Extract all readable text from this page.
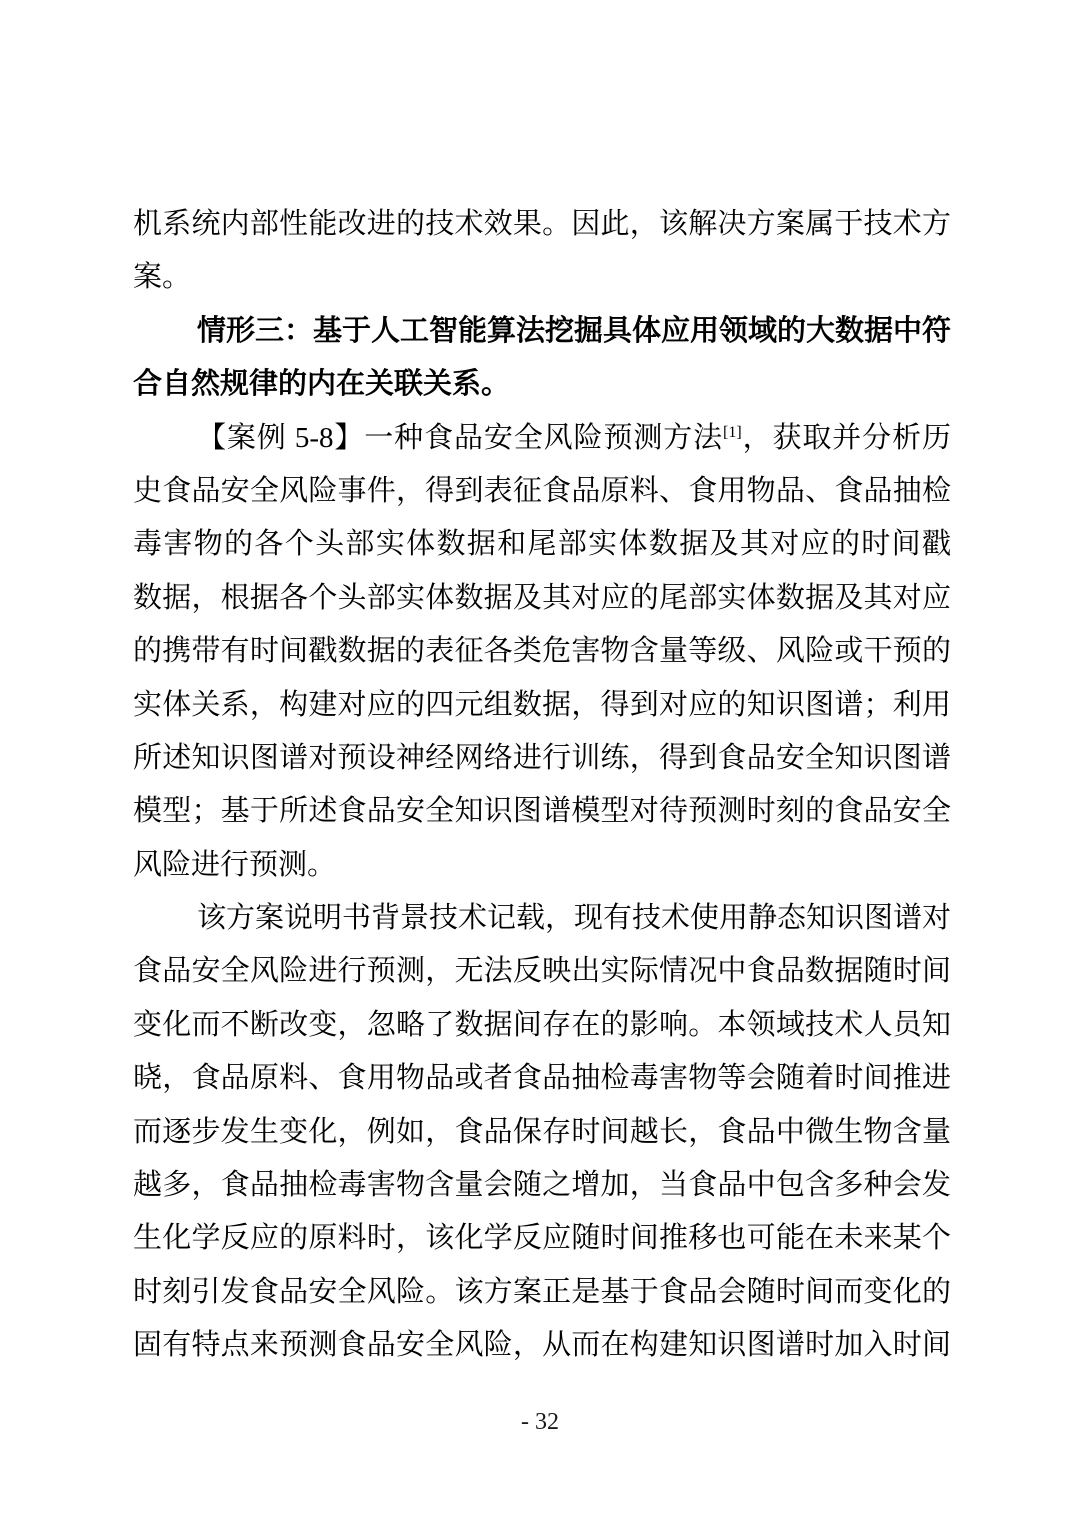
机系统内部性能改进的技术效果。因此，该解决方案属于技术方
案。
情形三：基于人工智能算法挖掘具体应用领域的大数据中符
合自然规律的内在关联关系。
【案例 5-8】一种食品安全风险预测方法[1]，获取并分析历
史食品安全风险事件，得到表征食品原料、食用物品、食品抽检
毒害物的各个头部实体数据和尾部实体数据及其对应的时间戳
数据，根据各个头部实体数据及其对应的尾部实体数据及其对应
的携带有时间戳数据的表征各类危害物含量等级、风险或干预的
实体关系，构建对应的四元组数据，得到对应的知识图谱；利用
所述知识图谱对预设神经网络进行训练，得到食品安全知识图谱
模型；基于所述食品安全知识图谱模型对待预测时刻的食品安全
风险进行预测。
该方案说明书背景技术记载，现有技术使用静态知识图谱对
食品安全风险进行预测，无法反映出实际情况中食品数据随时间
变化而不断改变，忽略了数据间存在的影响。本领域技术人员知
晓，食品原料、食用物品或者食品抽检毒害物等会随着时间推进
而逐步发生变化，例如，食品保存时间越长，食品中微生物含量
越多，食品抽检毒害物含量会随之增加，当食品中包含多种会发
生化学反应的原料时，该化学反应随时间推移也可能在未来某个
时刻引发食品安全风险。该方案正是基于食品会随时间而变化的
固有特点来预测食品安全风险，从而在构建知识图谱时加入时间
- 32
